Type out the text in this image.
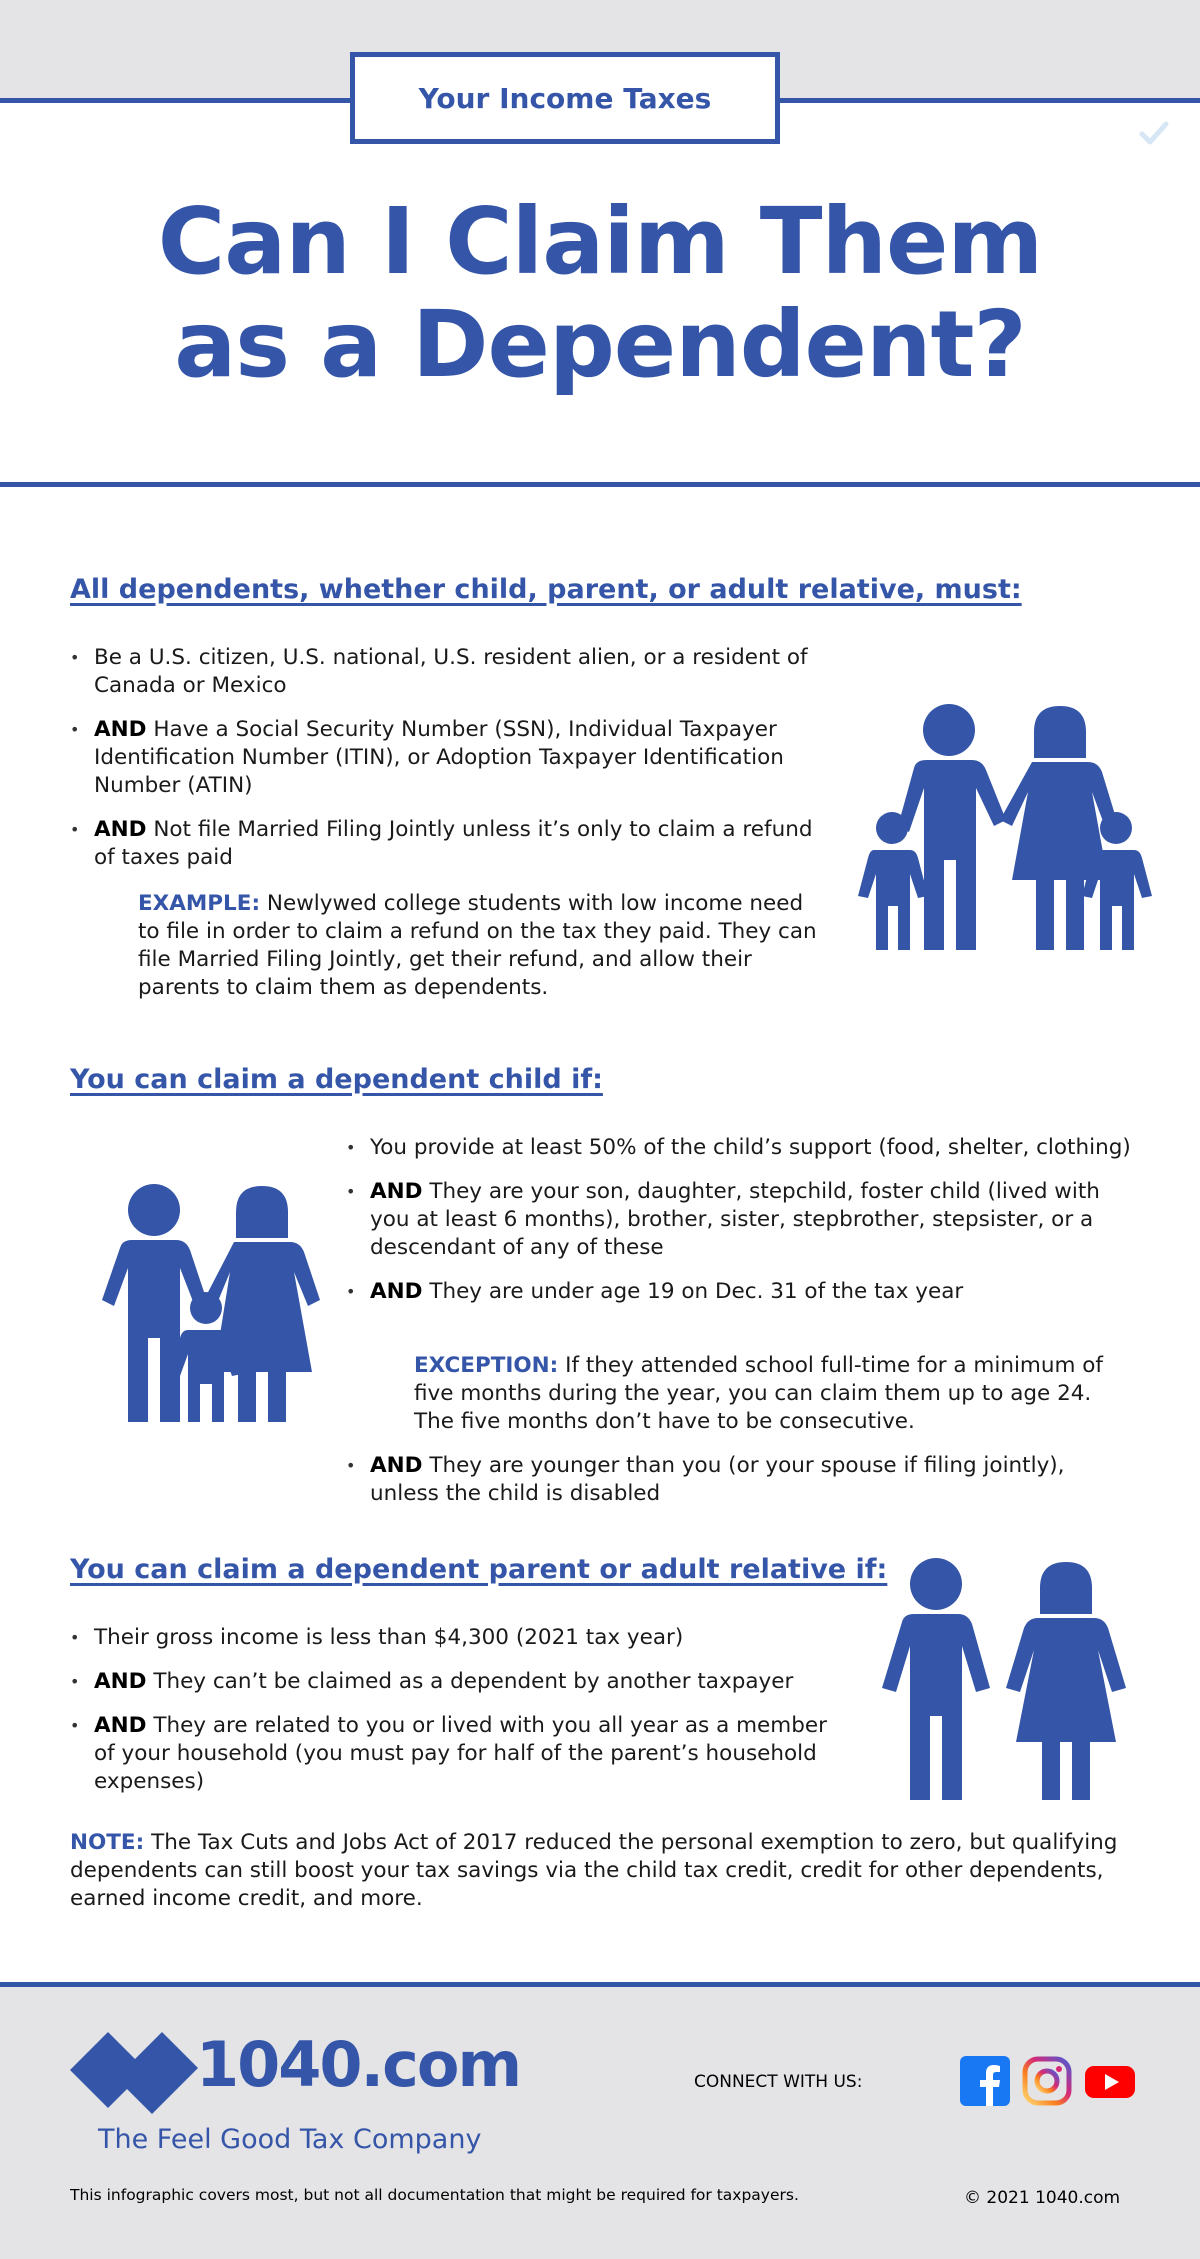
Your Income Taxes
Can I Claim Them
as a Dependent?
All dependents, whether child, parent, or adult relative, must:
• Be a U.S. citizen, U.S. national, U.S. resident alien, or a resident of Canada or Mexico
• AND Have a Social Security Number (SSN), Individual Taxpayer Identification Number (ITIN), or Adoption Taxpayer Identification Number (ATIN)
• AND Not file Married Filing Jointly unless it’s only to claim a refund of taxes paid
EXAMPLE: Newlywed college students with low income need to file in order to claim a refund on the tax they paid. They can file Married Filing Jointly, get their refund, and allow their parents to claim them as dependents.
You can claim a dependent child if:
• You provide at least 50% of the child’s support (food, shelter, clothing)
• AND They are your son, daughter, stepchild, foster child (lived with you at least 6 months), brother, sister, stepbrother, stepsister, or a descendant of any of these
• AND They are under age 19 on Dec. 31 of the tax year
EXCEPTION: If they attended school full-time for a minimum of five months during the year, you can claim them up to age 24. The five months don’t have to be consecutive.
• AND They are younger than you (or your spouse if filing jointly), unless the child is disabled
You can claim a dependent parent or adult relative if:
• Their gross income is less than $4,300 (2021 tax year)
• AND They can’t be claimed as a dependent by another taxpayer
• AND They are related to you or lived with you all year as a member of your household (you must pay for half of the parent’s household expenses)
NOTE: The Tax Cuts and Jobs Act of 2017 reduced the personal exemption to zero, but qualifying dependents can still boost your tax savings via the child tax credit, credit for other dependents, earned income credit, and more.
1040.com
The Feel Good Tax Company
CONNECT WITH US:
This infographic covers most, but not all documentation that might be required for taxpayers.	© 2021 1040.com
